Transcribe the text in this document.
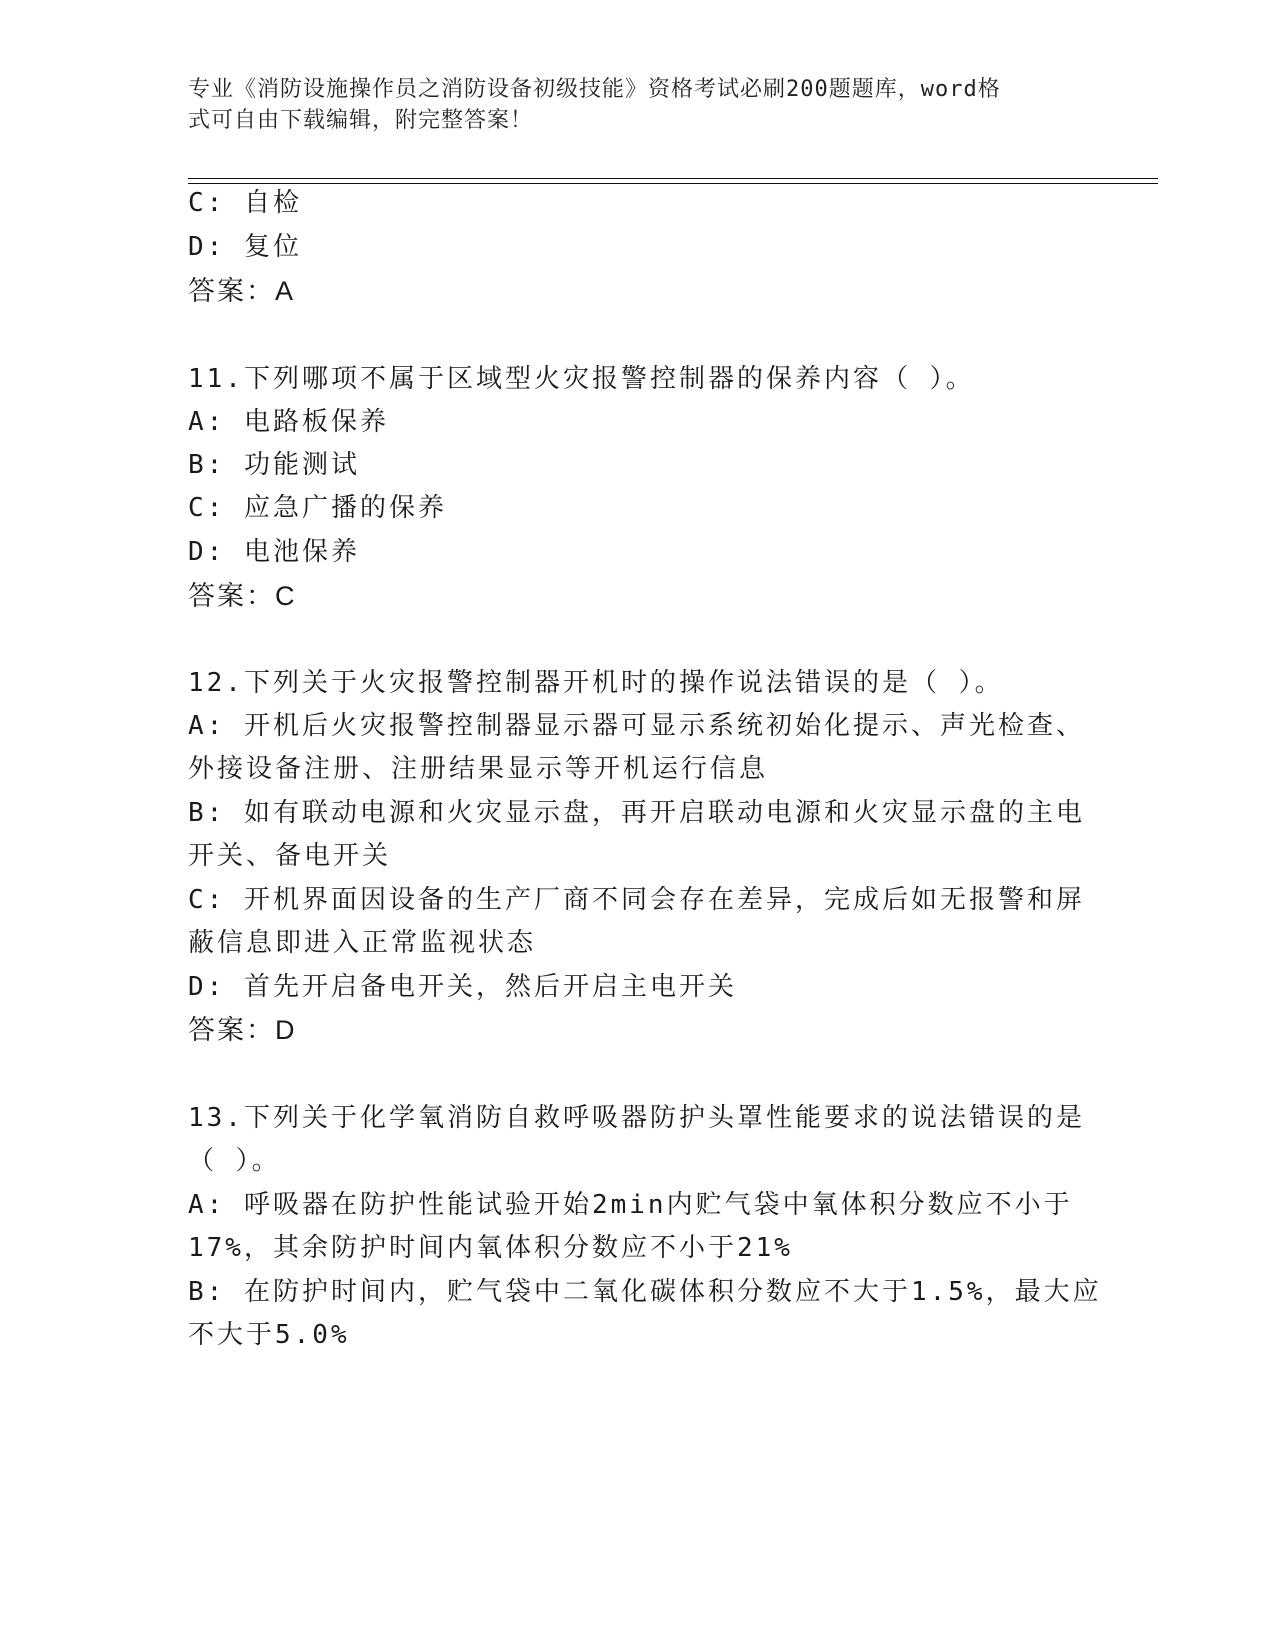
专业《消防设施操作员之消防设备初级技能》资格考试必刷200题题库，word格
式可自由下载编辑，附完整答案！
C: 自检
D: 复位
答案：A
11.下列哪项不属于区域型火灾报警控制器的保养内容（ ）。
A: 电路板保养
B: 功能测试
C: 应急广播的保养
D: 电池保养
答案：C
12.下列关于火灾报警控制器开机时的操作说法错误的是（ ）。
A: 开机后火灾报警控制器显示器可显示系统初始化提示、声光检查、
外接设备注册、注册结果显示等开机运行信息
B: 如有联动电源和火灾显示盘，再开启联动电源和火灾显示盘的主电
开关、备电开关
C: 开机界面因设备的生产厂商不同会存在差异，完成后如无报警和屏
蔽信息即进入正常监视状态
D: 首先开启备电开关，然后开启主电开关
答案：D
13.下列关于化学氧消防自救呼吸器防护头罩性能要求的说法错误的是
（ ）。
A: 呼吸器在防护性能试验开始2min内贮气袋中氧体积分数应不小于
17%，其余防护时间内氧体积分数应不小于21%
B: 在防护时间内，贮气袋中二氧化碳体积分数应不大于1.5%，最大应
不大于5.0%
